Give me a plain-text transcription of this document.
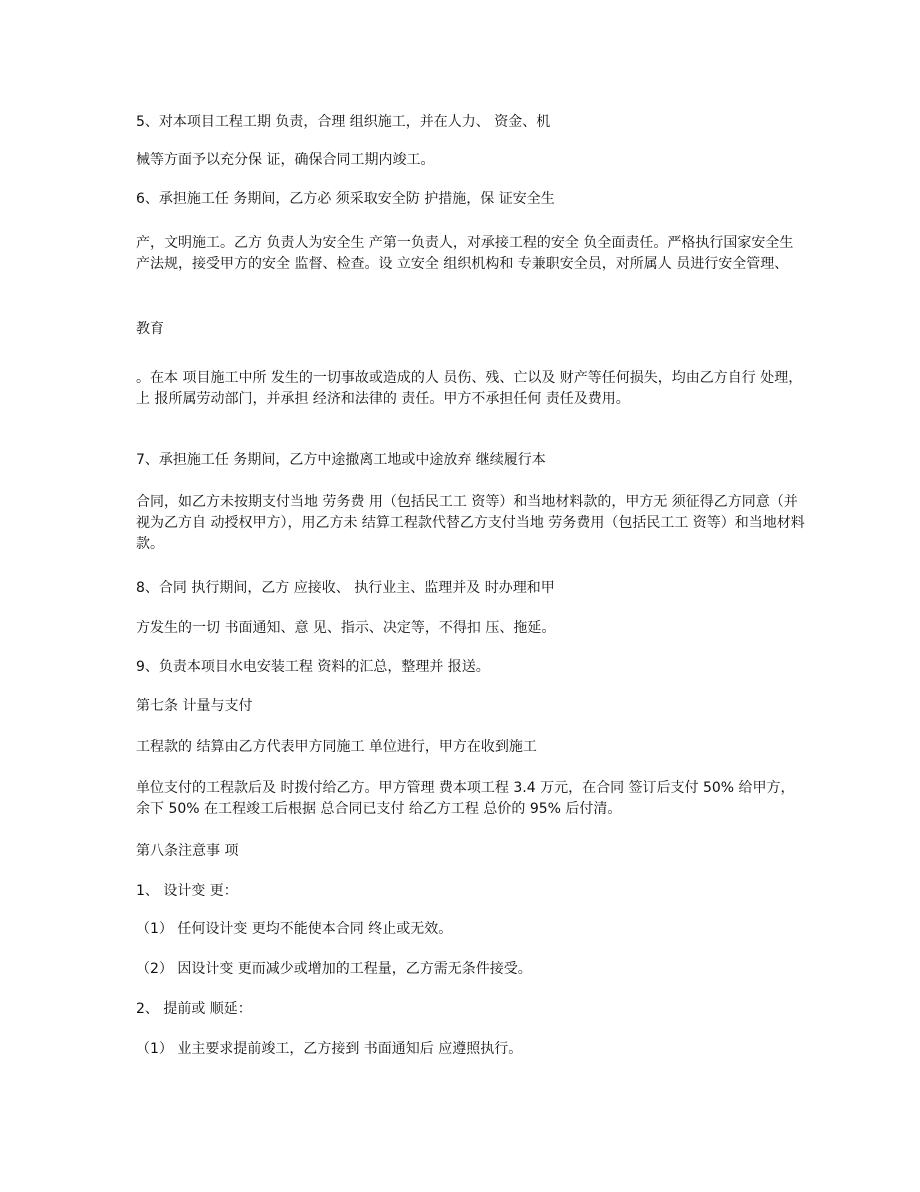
5、对本项目工程工期 负责，合理 组织施工，并在人力、 资金、机
械等方面予以充分保 证，确保合同工期内竣工。
6、承担施工任 务期间，乙方必 须采取安全防 护措施，保 证安全生
产，文明施工。乙方 负责人为安全生 产第一负责人，对承接工程的安全 负全面责任。严格执行国家安全生 产法规，接受甲方的安全 监督、检查。设 立安全 组织机构和 专兼职安全员，对所属人 员进行安全管理、
教育
。在本 项目施工中所 发生的一切事故或造成的人 员伤、残、亡以及 财产等任何损失，均由乙方自行 处理，上 报所属劳动部门，并承担 经济和法律的 责任。甲方不承担任何 责任及费用。
7、承担施工任 务期间，乙方中途撤离工地或中途放弃 继续履行本
合同，如乙方未按期支付当地 劳务费 用（包括民工工 资等）和当地材料款的，甲方无 须征得乙方同意（并 视为乙方自 动授权甲方），用乙方未 结算工程款代替乙方支付当地 劳务费用（包括民工工 资等）和当地材料款。
8、合同 执行期间，乙方 应接收、 执行业主、监理并及 时办理和甲
方发生的一切 书面通知、意 见、指示、决定等，不得扣 压、拖延。
9、负责本项目水电安装工程 资料的汇总，整理并 报送。
第七条 计量与支付
工程款的 结算由乙方代表甲方同施工 单位进行，甲方在收到施工
单位支付的工程款后及 时拨付给乙方。甲方管理 费本项工程 3.4 万元，在合同 签订后支付 50% 给甲方，余下 50% 在工程竣工后根据 总合同已支付 给乙方工程 总价的 95% 后付清。
第八条注意事 项
1、 设计变 更：
（1） 任何设计变 更均不能使本合同 终止或无效。
（2） 因设计变 更而减少或增加的工程量，乙方需无条件接受。
2、 提前或 顺延：
（1） 业主要求提前竣工，乙方接到 书面通知后 应遵照执行。
